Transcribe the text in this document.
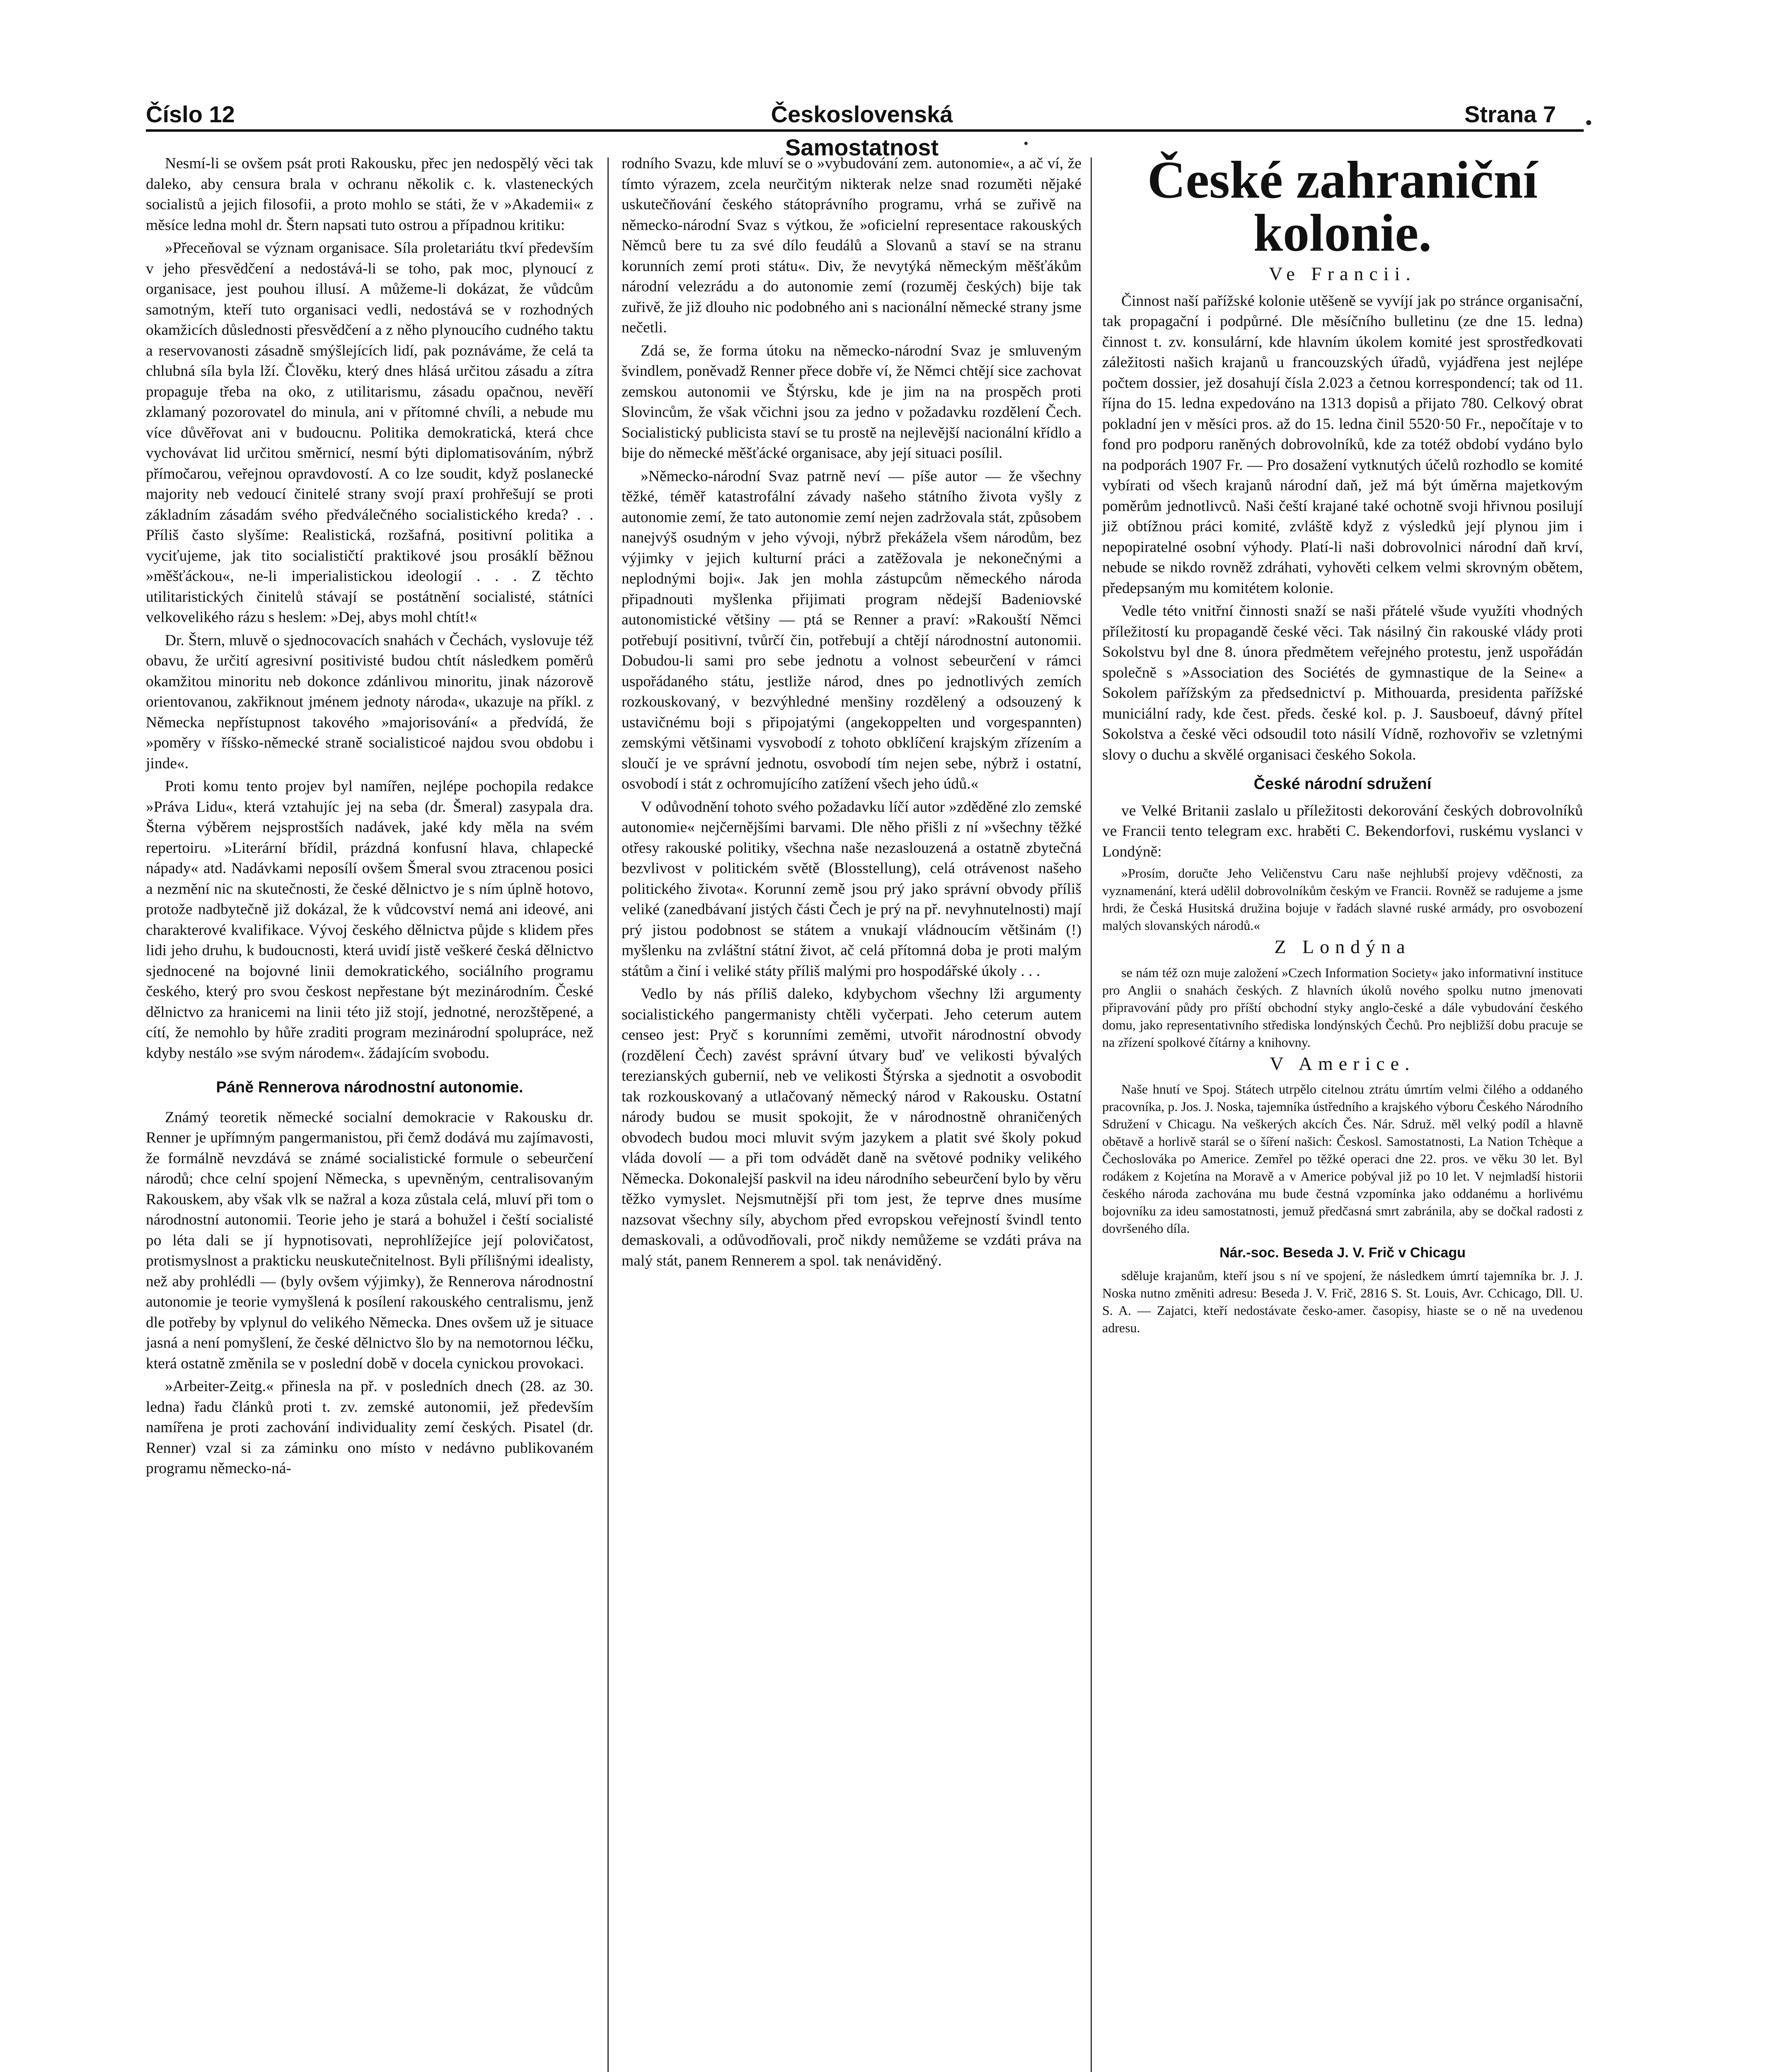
Číslo 12	Československá Samostatnost
Strana 7

Nesmí-li se ovšem psát proti Rakousku, přec jen nedospělý věci tak daleko, aby censura brala v ochranu několik c. k. vlasteneckých socialistů a jejich filosofii, a proto mohlo se státi, že v »Akademii« z měsíce ledna mohl dr. Štern napsati tuto ostrou a případnou kritiku:

»Přeceňoval se význam organisace. Síla proletariátu tkví především v jeho přesvědčení a nedostává-li se toho, pak moc, plynoucí z organisace, jest pouhou illusí. A můžeme-li dokázat, že vůdcům samotným, kteří tuto organisaci vedli, nedostává se v rozhodných okamžicích důslednosti přesvědčení a z něho plynoucího cudného taktu a reservovanosti zásadně smýšlejících lidí, pak poznáváme, že celá ta chlubná síla byla lží. Člověku, který dnes hlásá určitou zásadu a zítra propaguje třeba na oko, z utilitarismu, zásadu opačnou, nevěří zklamaný pozorovatel do minula, ani v přítomné chvíli, a nebude mu více důvěřovat ani v budoucnu. Politika demokratická, která chce vychovávat lid určitou směrnicí, nesmí býti diplomatisováním, nýbrž přímočarou, veřejnou opravdovostí. A co lze soudit, když poslanecké majority neb vedoucí činitelé strany svojí praxí prohřešují se proti základním zásadám svého předválečného socialistického kreda? . . Příliš často slyšíme: Realistická, rozšafná, positivní politika a vyciťujeme, jak tito socialističtí praktikové jsou prosáklí běžnou »měšťáckou«, ne-li imperialistickou ideologií . . . Z těchto utilitaristických činitelů stávají se postátnění socialisté, státníci velkovelikého rázu s heslem: »Dej, abys mohl chtít!«

Dr. Štern, mluvě o sjednocovacích snahách v Čechách, vyslovuje též obavu, že určití agresivní positivisté budou chtít následkem poměrů okamžitou minoritu neb dokonce zdánlivou minoritu, jinak názorově orientovanou, zakřiknout jménem jednoty národa«, ukazuje na příkl. z Německa nepřístupnost takového »majorisování« a předvídá, že »poměry v říšsko-německé straně socialisticoé najdou svou obdobu i jinde«.

Proti komu tento projev byl namířen, nejlépe pochopila redakce »Práva Lidu«, která vztahujíc jej na seba (dr. Šmeral) zasypala dra. Šterna výběrem nejsprostších nadávek, jaké kdy měla na svém repertoiru. »Literární břídil, prázdná konfusní hlava, chlapecké nápady« atd. Nadávkami neposílí ovšem Šmeral svou ztracenou posici a nezmění nic na skutečnosti, že české dělnictvo je s ním úplně hotovo, protože nadbytečně již dokázal, že k vůdcovství nemá ani ideové, ani charakterové kvalifikace. Vývoj českého dělnictva půjde s klidem přes lidi jeho druhu, k budoucnosti, která uvidí jistě veškeré česká dělnictvo sjednocené na bojovné linii demokratického, sociálního programu českého, který pro svou českost nepřestane být mezinárodním. České dělnictvo za hranicemi na linii této již stojí, jednotné, nerozštěpené, a cítí, že nemohlo by hůře zraditi program mezinárodní spolupráce, než kdyby nestálo »se svým národem«. žádajícím svobodu.

Páně Rennerova národnostní autonomie.

Známý teoretik německé socialní demokracie v Rakousku dr. Renner je upřímným pangermanistou, při čemž dodává mu zajímavosti, že formálně nevzdává se známé socialistické formule o sebeurčení národů; chce celní spojení Německa, s upevněným, centralisovaným Rakouskem, aby však vlk se nažral a koza zůstala celá, mluví při tom o národnostní autonomii. Teorie jeho je stará a bohužel i čeští socialisté po léta dali se jí hypnotisovati, neprohlížejíce její polovičatost, protismyslnost a prakticku neuskutečnitelnost. Byli přílišnými idealisty, než aby prohlédli — (byly ovšem výjimky), že Rennerova národnostní autonomie je teorie vymyšlená k posílení rakouského centralismu, jenž dle potřeby by vplynul do velikého Německa. Dnes ovšem už je situace jasná a není pomyšlení, že české dělnictvo šlo by na nemotornou léčku, která ostatně změnila se v poslední době v docela cynickou provokaci.

»Arbeiter-Zeitg.« přinesla na př. v posledních dnech (28. az 30. ledna) řadu článků proti t. zv. zemské autonomii, jež především namířena je proti zachování individuality zemí českých. Pisatel (dr. Renner) vzal si za záminku ono místo v nedávno publikovaném programu německo-ná-

rodního Svazu, kde mluví se o »vybudování zem. autonomie«, a ač ví, že tímto výrazem, zcela neurčitým nikterak nelze snad rozuměti nějaké uskutečňování českého státoprávního programu, vrhá se zuřivě na německo-národní Svaz s výtkou, že »oficielní representace rakouských Němců bere tu za své dílo feudálů a Slovanů a staví se na stranu korunních zemí proti státu«. Div, že nevytýká německým měšťákům národní velezrádu a do autonomie zemí (rozuměj českých) bije tak zuřivě, že již dlouho nic podobného ani s nacionální německé strany jsme nečetli.

Zdá se, že forma útoku na německo-národní Svaz je smluveným švindlem, poněvadž Renner přece dobře ví, že Němci chtějí sice zachovat zemskou autonomii ve Štýrsku, kde je jim na na prospěch proti Slovincům, že však včichni jsou za jedno v požadavku rozdělení Čech. Socialistický publicista staví se tu prostě na nejlevější nacionální křídlo a bije do německé měšťácké organisace, aby její situaci posílil.

»Německo-národní Svaz patrně neví — píše autor — že všechny těžké, téměř katastrofální závady našeho státního života vyšly z autonomie zemí, že tato autonomie zemí nejen zadržovala stát, způsobem nanejvýš osudným v jeho vývoji, nýbrž překážela všem národům, bez výjimky v jejich kulturní práci a zatěžovala je nekonečnými a neplodnými boji«. Jak jen mohla zástupcům německého národa připadnouti myšlenka přijimati program nědejší Badeniovské autonomistické většiny — ptá se Renner a praví: »Rakouští Němci potřebují positivní, tvůrčí čin, potřebují a chtějí národnostní autonomii. Dobudou-li sami pro sebe jednotu a volnost sebeurčení v rámci uspořádaného státu, jestliže národ, dnes po jednotlivých zemích rozkouskovaný, v bezvýhledné menšiny rozdělený a odsouzený k ustavičnému boji s připojatými (angekoppelten und vorgespannten) zemskými většinami vysvobodí z tohoto obklíčení krajským zřízením a sloučí je ve správní jednotu, osvobodí tím nejen sebe, nýbrž i ostatní, osvobodí i stát z ochromujícího zatížení všech jeho údů.«

V odůvodnění tohoto svého požadavku líčí autor »zděděné zlo zemské autonomie« nejčernějšími barvami. Dle něho přišli z ní »všechny těžké otřesy rakouské politiky, všechna naše nezaslouzená a ostatně zbytečná bezvlivost v politickém světě (Blosstellung), celá otrávenost našeho politického života«. Korunní země jsou prý jako správní obvody příliš veliké (zanedbávaní jistých části Čech je prý na př. nevyhnutelnosti) mají prý jistou podobnost se státem a vnukají vládnoucím většinám (!) myšlenku na zvláštní státní život, ač celá přítomná doba je proti malým státům a činí i veliké státy příliš malými pro hospodářské úkoly . . .

Vedlo by nás příliš daleko, kdybychom všechny lži argumenty socialistického pangermanisty chtěli vyčerpati. Jeho ceterum autem censeo jest: Pryč s korunními zeměmi, utvořit národnostní obvody (rozdělení Čech) zavést správní útvary buď ve velikosti bývalých terezianských gubernií, neb ve velikosti Štýrska a sjednotit a osvobodit tak rozkouskovaný a utlačovaný německý národ v Rakousku. Ostatní národy budou se musit spokojit, že v národnostně ohraničených obvodech budou moci mluvit svým jazykem a platit své školy pokud vláda dovolí — a při tom odvádět daně na světové podniky velikého Německa. Dokonalejší paskvil na ideu národního sebeurčení bylo by věru těžko vymyslet. Nejsmutnější při tom jest, že teprve dnes musíme nazsovat všechny síly, abychom před evropskou veřejností švindl tento demaskovali, a odůvodňovali, proč nikdy nemůžeme se vzdáti práva na malý stát, panem Rennerem a spol. tak nenáviděný.

České zahraniční
kolonie.
Ve Francii.

Činnost naší pařížské kolonie utěšeně se vyvíjí jak po stránce organisační, tak propagační i podpůrné. Dle měsíčního bulletinu (ze dne 15. ledna) činnost t. zv. konsulární, kde hlavním úkolem komité jest sprostředkovati záležitosti našich krajanů u francouzských úřadů, vyjádřena jest nejlépe počtem dossier, jež dosahují čísla 2.023 a četnou korrespondencí; tak od 11. října do 15. ledna expedováno na 1313 dopisů a přijato 780. Celkový obrat pokladní jen v měsíci pros. až do 15. ledna činil 5520·50 Fr., nepočítaje v to fond pro podporu raněných dobrovolníků, kde za totéž období vydáno bylo na podporách 1907 Fr. — Pro dosažení vytknutých účelů rozhodlo se komité vybírati od všech krajanů národní daň, jež má být úměrna majetkovým poměrům jednotlivců. Naši čeští krajané také ochotně svoji hřivnou posilují již obtížnou práci komité, zvláště když z výsledků její plynou jim i nepopiratelné osobní výhody. Platí-li naši dobrovolnici národní daň krví, nebude se nikdo rovněž zdráhati, vyhověti celkem velmi skrovným obětem, předepsaným mu komitétem kolonie.

Vedle této vnitřní činnosti snaží se naši přátelé všude využíti vhodných příležitostí ku propagandě české věci. Tak násilný čin rakouské vlády proti Sokolstvu byl dne 8. února předmětem veřejného protestu, jenž uspořádán společně s »Association des Sociétés de gymnastique de la Seine« a Sokolem pařížským za předsednictví p. Mithouarda, presidenta pařížské municiální rady, kde čest. předs. české kol. p. J. Sausboeuf, dávný přítel Sokolstva a české věci odsoudil toto násilí Vídně, rozhovořiv se vzletnými slovy o duchu a skvělé organisaci českého Sokola.

České národní sdružení

ve Velké Britanii zaslalo u příležitosti dekorování českých dobrovolníků ve Francii tento telegram exc. hraběti C. Bekendorfovi, ruskému vyslanci v Londýně:

»Prosím, doručte Jeho Veličenstvu Caru naše nejhlubší projevy vděčnosti, za vyznamenání, která udělil dobrovolníkům českým ve Francii. Rovněž se radujeme a jsme hrdi, že Česká Husitská družina bojuje v řadách slavné ruské armády, pro osvobození malých slovanských národů.«

Z Londýna

se nám též ozn muje založení »Czech Information Society« jako informativní instituce pro Anglii o snahách českých. Z hlavních úkolů nového spolku nutno jmenovati připravování půdy pro příští obchodní styky anglo-české a dále vybudování českého domu, jako representativního střediska londýnských Čechů. Pro nejbližší dobu pracuje se na zřízení spolkové čítárny a knihovny.

V Americe.

Naše hnutí ve Spoj. Státech utrpělo citelnou ztrátu úmrtím velmi čilého a oddaného pracovníka, p. Jos. J. Noska, tajemníka ústředního a krajského výboru Českého Národního Sdružení v Chicagu. Na veškerých akcích Čes. Nár. Sdruž. měl velký podíl a hlavně obětavě a horlivě starál se o šíření našich: Českosl. Samostatnosti, La Nation Tchèque a Čechoslováka po Americe. Zemřel po těžké operaci dne 22. pros. ve věku 30 let. Byl rodákem z Kojetína na Moravě a v Americe pobýval již po 10 let. V nejmladší historii českého národa zachována mu bude čestná vzpomínka jako oddanému a horlivému bojovníku za ideu samostatnosti, jemuž předčasná smrt zabránila, aby se dočkal radosti z dovršeného díla.

Nár.-soc. Beseda J. V. Frič v Chicagu

sděluje krajanům, kteří jsou s ní ve spojení, že následkem úmrtí tajemníka br. J. J. Noska nutno změniti adresu: Beseda J. V. Frič, 2816 S. St. Louis, Avr. Cchicago, Dll. U. S. A. — Zajatci, kteří nedostávate česko-amer. časopisy, hiaste se o ně na uvedenou adresu.
